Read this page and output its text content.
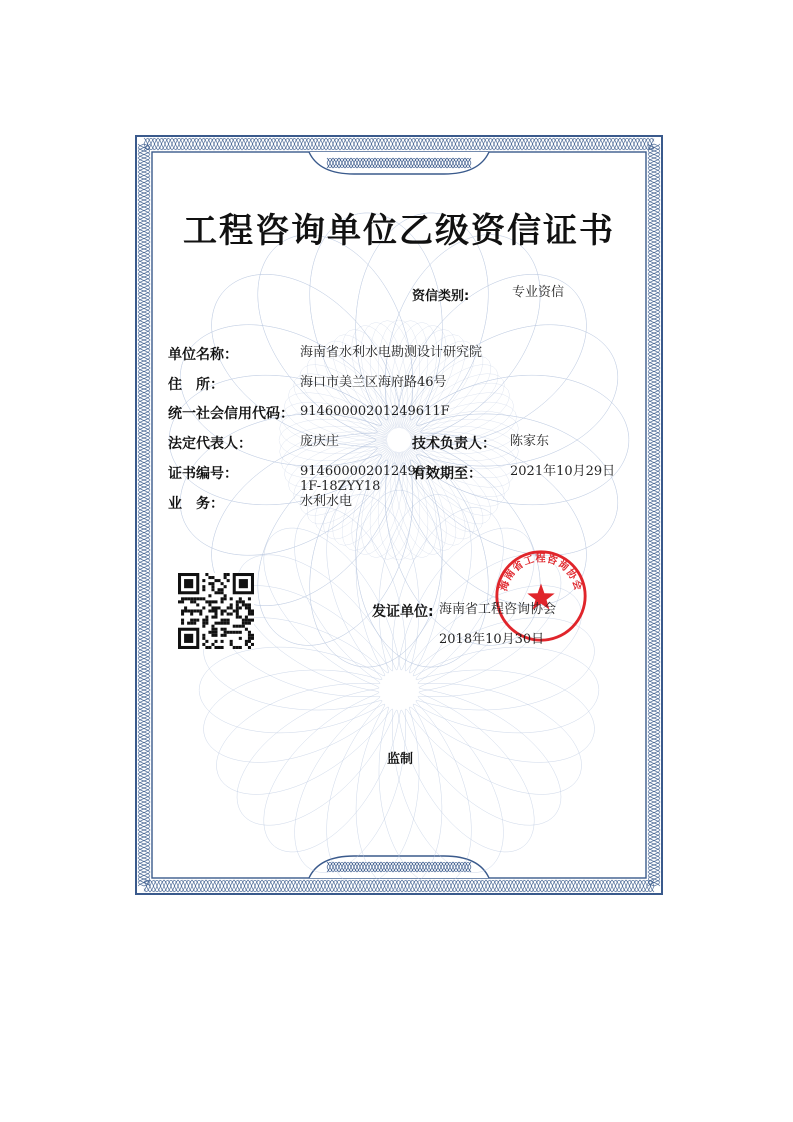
工程咨询单位乙级资信证书
资信类别:	专业资信
单位名称：	海南省水利水电勘测设计研究院
住　所：	海口市美兰区海府路46号
统一社会信用代码： 91460000201249611F
法定代表人：	庞庆庄	技术负责人： 陈家东
证书编号：	9146000020124961
1F-18ZYY18
有效期至： 2021年10月29日
业　务：	水利水电
海南省工程咨询协会
发证单位: 海南省工程咨询协会
2018年10月30日
监制
